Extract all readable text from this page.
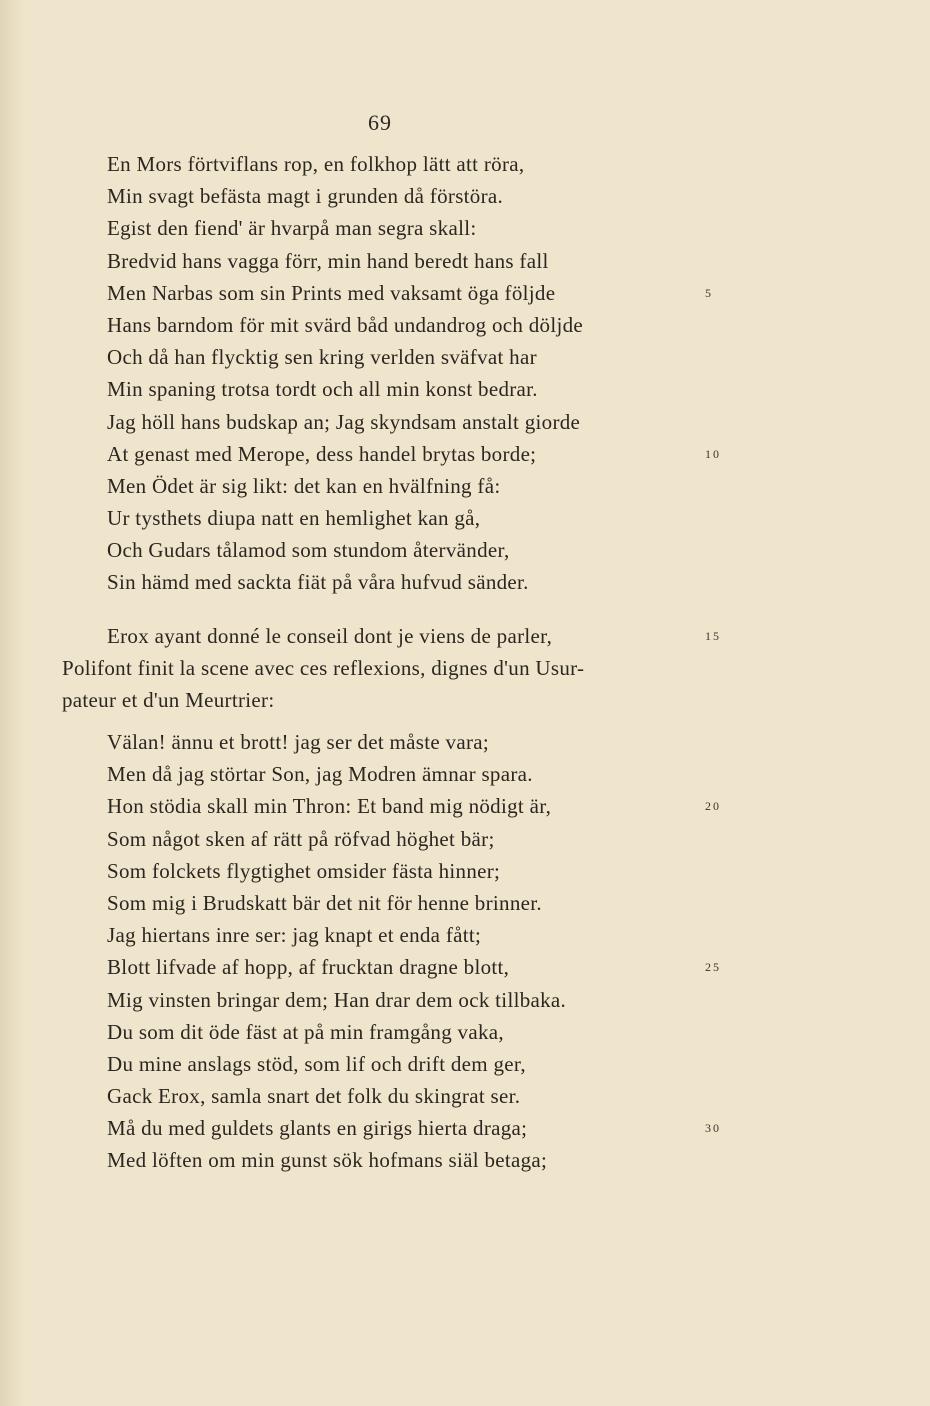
69
En Mors förtviflans rop, en folkhop lätt att röra,
Min svagt befästa magt i grunden då förstöra.
Egist den fiend' är hvarpå man segra skall:
Bredvid hans vagga förr, min hand beredt hans fall
Men Narbas som sin Prints med vaksamt öga följde	5
Hans barndom för mit svärd båd undandrog och döljde
Och då han flycktig sen kring verlden sväfvat har
Min spaning trotsa tordt och all min konst bedrar.
Jag höll hans budskap an; Jag skyndsam anstalt giorde
At genast med Merope, dess handel brytas borde;	10
Men Ödet är sig likt: det kan en hvälfning få:
Ur tysthets diupa natt en hemlighet kan gå,
Och Gudars tålamod som stundom återvänder,
Sin hämd med sackta fiät på våra hufvud sänder.
Erox ayant donné le conseil dont je viens de parler,	15
Polifont finit la scene avec ces reflexions, dignes d'un Usur-
pateur et d'un Meurtrier:
Välan! ännu et brott! jag ser det måste vara;
Men då jag störtar Son, jag Modren ämnar spara.
Hon stödia skall min Thron: Et band mig nödigt är,	20
Som något sken af rätt på röfvad höghet bär;
Som folckets flygtighet omsider fästa hinner;
Som mig i Brudskatt bär det nit för henne brinner.
Jag hiertans inre ser: jag knapt et enda fått;
Blott lifvade af hopp, af frucktan dragne blott,	25
Mig vinsten bringar dem; Han drar dem ock tillbaka.
Du som dit öde fäst at på min framgång vaka,
Du mine anslags stöd, som lif och drift dem ger,
Gack Erox, samla snart det folk du skingrat ser.
Må du med guldets glants en girigs hierta draga;	30
Med löften om min gunst sök hofmans siäl betaga;
